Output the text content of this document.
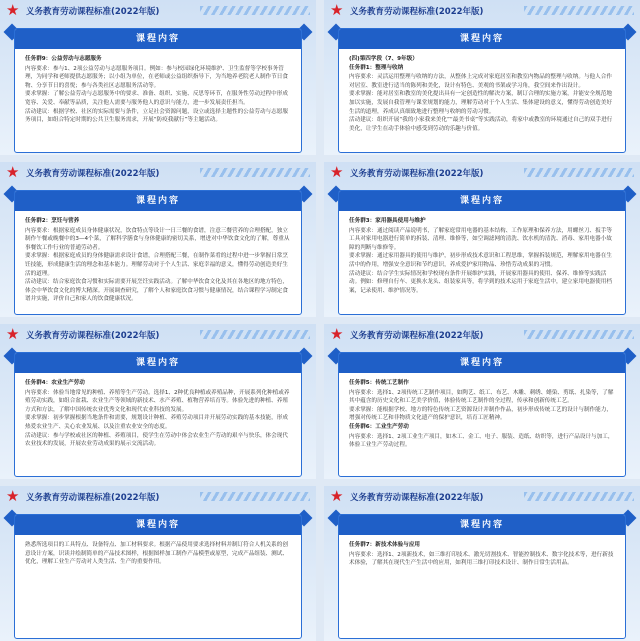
★ 义务教育劳动课程标准(2022年版)
课程内容

任务群9：公益劳动与志愿服务

内容要求：参与1、2项公益劳动与志愿服务项目。例如：参与校园绿化环境维护、卫生监督等学校事务管理，为同学和老师提供志愿服务；以小组为单位，在老师或公益组织指导下，为当地养老院老人制作节日食物、分享节日的喜悦；参与各类社区志愿服务活动等。

要求掌握：了解公益劳动与志愿服务中的要求、准备、组织、实施、反思等环节，在服务性劳动过程中形成宽容、关爱、奉献等品质，关注他人需要与服务他人的意识与能力，进一步发展责任担当。

活动建议：根据学校、社区的实际需要与条件，立足社会资源问题，设立或选择主题性的公益劳动与志愿服务项目，如组合特定时期的公共卫生服务需求，开展“防疫我献行”等主题活动。

★ 义务教育劳动课程标准(2022年版)
课程内容

(四)第四学段（7、9年级）

任务群1：整理与收纳

内容要求：灵活运用整理与收纳的方法，从整体上完成对家庭居室和教室内物品的整理与收纳。与他人合作对居室、教室进行适当的陈列和美化，设计有特色、美观的书架或学习角，我空间来作出设计。

要求掌握：能对居室和教室的美化提出具有一定创造性的解决方案，制订合理的实施方案，并能安全规范地加以实施，发展自我管理与课堂规划的能力，理解劳动对于个人生活、集体建设的意义，懂得劳动创造美好生活的道理，养成认真细致地进行整理与收纳的劳动习惯。

活动建议：组织开展“我的小家我来美化”“最美书桌”等实践活动，将家中或教室的环境通过自己的双手进行美化，让学生在动手体验中感受到劳动的乐趣与价值。

★ 义务教育劳动课程标准(2022年版)
课程内容

任务群2：烹饪与营养

内容要求：根据家庭成员身体健康状况，饮食特点等设计一日三餐的食谱，注意三餐营养的合理搭配，独立制作午餐或晚餐中的3—4个菜，了解科学膳食与身体健康的密切关系，增进对中华饮食文化的了解，尊重从事餐饮工作行业的普通劳动者。

要求掌握：根据家庭成员的身体健康需求设计食谱，合理搭配三餐，在制作菜肴的过程中进一步掌握日常烹饪技能，形成健康生活的理念和基本能力。理解劳动对于个人生活、家庭幸福的意义，懂得劳动创造美好生活的道理。

活动建议：结合家庭饮食习惯和实际需要开展烹饪实践活动。了解中华饮食文化及其在各地区的地方特色，体会中华饮食文化的博大精深。开展调查研究，了解个人和家庭饮食习惯与健康情况，结合课程学习制定食谱并实施，评价自己和家人的饮食健康状况。

★ 义务教育劳动课程标准(2022年版)
课程内容

任务群3：家用器具使用与维护

内容要求：通过阅读产品说明书，了解家庭常用电器的基本结构、工作原理和保养方法，用螺丝刀、扳手等工具对家用电器进行简单的拆装、清理、维修等，如空调滤网的清洗、饮水机的清洗、消毒、家用电器小故障的判断与维修等。

要求掌握：通过家用器具的使用与维护，初步形成技术意识和工程思维，掌握拆装规范，理解家用电器在生活中的作用，增强安全意识和节约意识，养成爱护家用物品、珍惜劳动成果的习惯。

活动建议：结合学生实际情况和学校现有条件开展维护实践，开展家用器具的使用、保养、维修等实践活动。例如：修理自行车、更换水龙头、组装家具等，将学到的技术运用于家庭生活中，建立家用电器使用档案，记录使用、维护情况等。

★ 义务教育劳动课程标准(2022年版)
课程内容

任务群4：农业生产劳动

内容要求：体验当地常见的种植、养殖等生产劳动。选择1、2种优良种植或养殖品种，开展系列化种植或养殖劳动实践，如组合盆栽、农业生产等领域的新技术、水产养殖、植物营养培育等。体验先进的种植、养殖方式和方法，了解中国传统农业优秀文化和现代农业科技的发展。

要求掌握：初步掌握根据当地条件和需要，规划设计种植、养殖劳动项目并开展劳动实践的基本技能，形成热爱农业生产、关心农业发展、以及注重农业安全的态度。

活动建议：参与学校或社区的种植、养殖项目，使学生在劳动中体会农业生产劳动的艰辛与快乐，体会现代农业技术的发展，开展农业劳动成果的展示交流活动。

★ 义务教育劳动课程标准(2022年版)
课程内容

任务群5：传统工艺制作

内容要求：选择1、2项传统工艺制作项目，如陶艺、纸工、布艺、木雕、刺绣、蜡染、剪纸、扎染等，了解其中蕴含的历史文化和工艺美学价值，体验传统工艺制作的全过程，传承和创新传统工艺。

要求掌握：能根据学校、地方的特色传统工艺资源设计并制作作品，初步形成传统工艺的设计与制作能力，增强对传统工艺和非物质文化遗产的保护意识，培育工匠精神。

任务群6：工业生产劳动

内容要求：选择1、2项工业生产项目，如木工、金工、电子、服装、造纸、纺织等，进行产品设计与加工，体验工业生产劳动过程。

★ 义务教育劳动课程标准(2022年版)
课程内容

熟悉所选项目的工具特点、设备特点、加工材料要求。根据产品使用要求选择材料并制订符合人机关系的创意设计方案，识读并绘制简单的产品技术图样，根据图样加工制作产品模型或原型，完成产品组装、测试、优化，理解工业生产劳动对人类生活、生产的重要作用。

★ 义务教育劳动课程标准(2022年版)
课程内容

任务群7：新技术体验与应用

内容要求：选择1、2项新技术，如三维打印技术、激光切割技术、智能控制技术、数字化技术等，进行新技术体验，了解其在现代生产生活中的应用，如利用三维打印技术设计、制作日常生活用品。
